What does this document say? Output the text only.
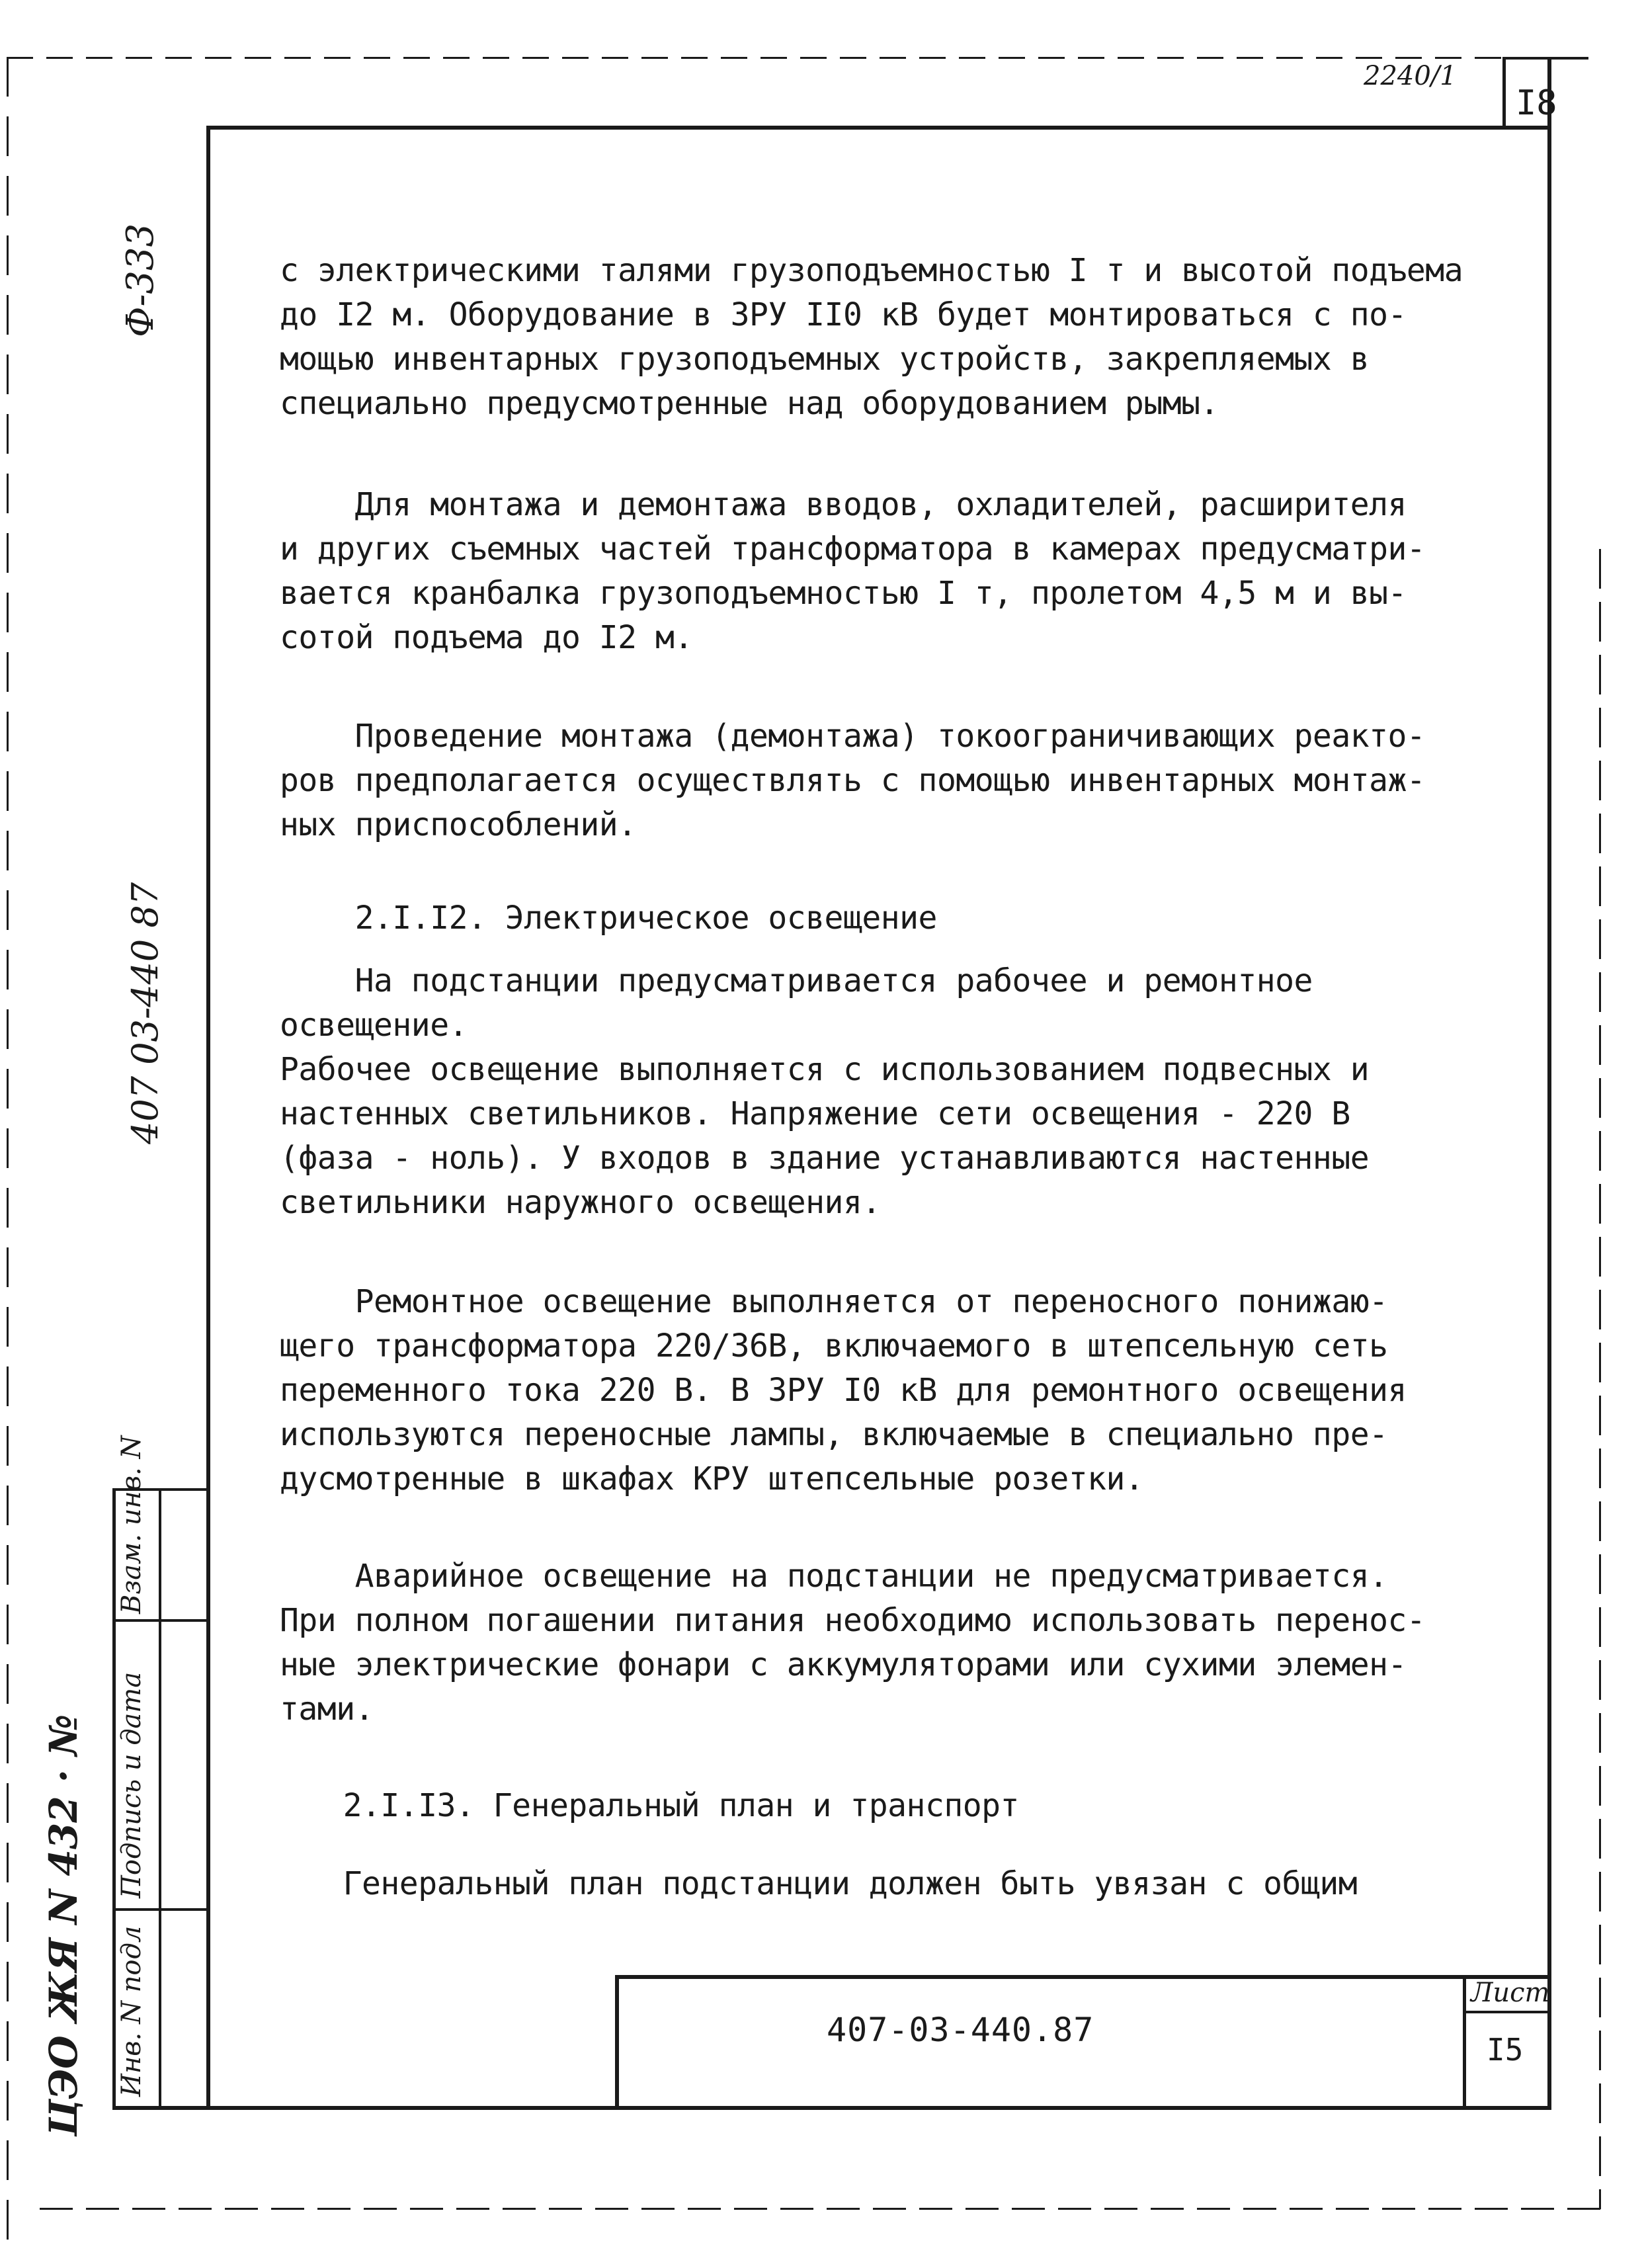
I8
2240/1
Ф-333
407 03-440 87
ЦЭО ЖЯ N 432 · № Инв. N подл
Подпись и дата
Взам. инв. N
с электрическими талями грузоподъемностью I т и высотой подъема
до I2 м. Оборудование в ЗРУ II0 кВ будет монтироваться с по-
мощью инвентарных грузоподъемных устройств, закрепляемых в
специально предусмотренные над оборудованием рымы.
Для монтажа и демонтажа вводов, охладителей, расширителя
и других съемных частей трансформатора в камерах предусматри-
вается кранбалка грузоподъемностью I т, пролетом 4,5 м и вы-
сотой подъема до I2 м.
Проведение монтажа (демонтажа) токоограничивающих реакто-
ров предполагается осуществлять с помощью инвентарных монтаж-
ных приспособлений.
2.I.I2. Электрическое освещение
На подстанции предусматривается рабочее и ремонтное
освещение.
Рабочее освещение выполняется с использованием подвесных и
настенных светильников. Напряжение сети освещения - 220 В
(фаза - ноль). У входов в здание устанавливаются настенные
светильники наружного освещения.
Ремонтное освещение выполняется от переносного понижаю-
щего трансформатора 220/36В, включаемого в штепсельную сеть
переменного тока 220 В. В ЗРУ I0 кВ для ремонтного освещения
используются переносные лампы, включаемые в специально пре-
дусмотренные в шкафах КРУ штепсельные розетки.
Аварийное освещение на подстанции не предусматривается.
При полном погашении питания необходимо использовать перенос-
ные электрические фонари с аккумуляторами или сухими элемен-
тами.
2.I.I3. Генеральный план и транспорт
Генеральный план подстанции должен быть увязан с общим
407-03-440.87
Лист
I5
